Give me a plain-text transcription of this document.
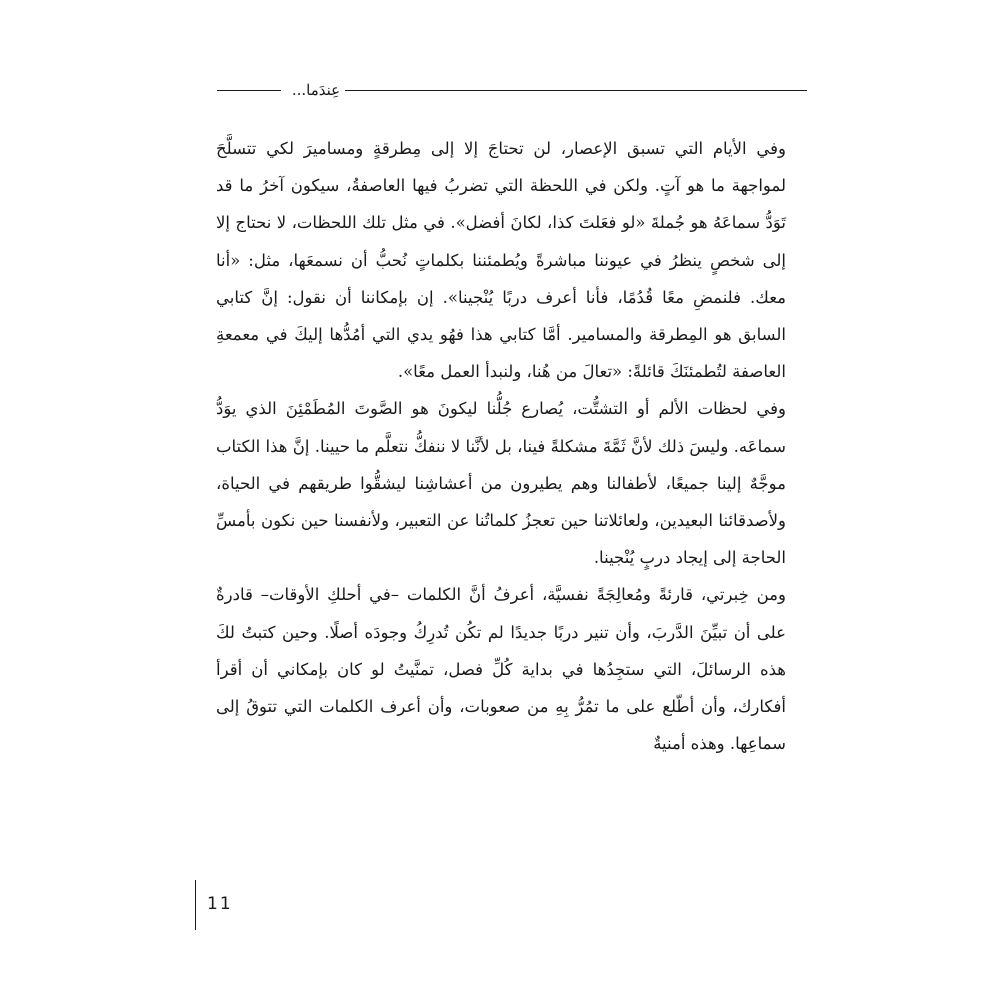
عِندَما...

وفي الأيام التي تسبق الإعصار، لن تحتاجَ إلا إلى مِطرقةٍ ومساميرَ لكي تتسلَّحَ لمواجهة ما هو آتٍ. ولكن في اللحظة التي تضربُ فيها العاصفةُ، سيكون آخرُ ما قد تَوَدُّ سماعَهُ هو جُملةَ «لو فعَلتَ كذا، لكانَ أفضل». في مثل تلك اللحظات، لا نحتاج إلا إلى شخصٍ ينظرُ في عيوننا مباشرةً ويُطمئننا بكلماتٍ نُحبُّ أن نسمعَها، مثل: «أنا معك. فلنمضِ معًا قُدُمًا، فأنا أعرف دربًا يُنْجينا». إن بإمكاننا أن نقول: إنَّ كتابي السابق هو المِطرقة والمسامير. أمَّا كتابي هذا فهُو يدي التي أمُدُّها إليكَ في معمعةِ العاصفة لتُطمئنَكَ قائلةً: «تعالَ من هُنا، ولنبدأ العمل معًا».

وفي لحظات الألم أو التشتُّت، يُصارع جُلُّنا ليكونَ هو الصَّوتَ المُطَمْئِنَ الذي يوَدُّ سماعَه. وليسَ ذلك لأنَّ ثَمَّةَ مشكلةً فينا، بل لأنَّنا لا ننفكُّ نتعلَّم ما حيينا. إنَّ هذا الكتاب موجَّهٌ إلينا جميعًا، لأطفالنا وهم يطيرون من أعشاشِنا ليشقُّوا طريقهم في الحياة، ولأصدقائنا البعيدين، ولعائلاتنا حين تعجزُ كلماتُنا عن التعبير، ولأنفسنا حين نكون بأمسِّ الحاجة إلى إيجاد دربٍ يُنْجينا.

ومن خِبرتي، قارئةً ومُعالِجَةً نفسيَّة، أعرفُ أنَّ الكلمات –في أحلكِ الأوقات– قادرةٌ على أن تبيِّنَ الدَّربَ، وأن تنير دربًا جديدًا لم تكُن تُدرِكُ وجودَه أصلًا. وحين كتبتُ لكَ هذه الرسائلَ، التي ستجِدُها في بداية كُلِّ فصل، تمنَّيتُ لو كان بإمكاني أن أقرأ أفكارك، وأن أطّلع على ما تمُرُّ بِهِ من صعوبات، وأن أعرف الكلمات التي تتوقُ إلى سماعِها. وهذه أمنيةٌ

11
